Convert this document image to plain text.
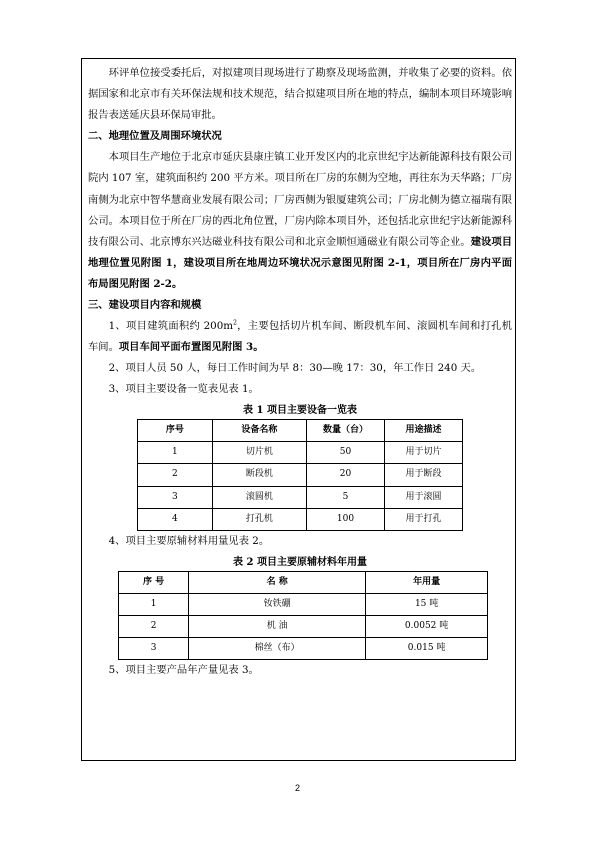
环评单位接受委托后，对拟建项目现场进行了勘察及现场监测，并收集了必要的资料。依据国家和北京市有关环保法规和技术规范，结合拟建项目所在地的特点，编制本项目环境影响报告表送延庆县环保局审批。

二、地理位置及周围环境状况

本项目生产地位于北京市延庆县康庄镇工业开发区内的北京世纪宇达新能源科技有限公司院内 107 室，建筑面积约 200 平方米。项目所在厂房的东侧为空地，再往东为天华路；厂房南侧为北京中智华慧商业发展有限公司；厂房西侧为银厦建筑公司；厂房北侧为德立福瑞有限公司。本项目位于所在厂房的西北角位置，厂房内除本项目外，还包括北京世纪宇达新能源科技有限公司、北京博东兴达磁业科技有限公司和北京金顺恒通磁业有限公司等企业。建设项目地理位置见附图 1，建设项目所在地周边环境状况示意图见附图 2-1，项目所在厂房内平面布局图见附图 2-2。

三、建设项目内容和规模

1、项目建筑面积约 $200m^2$，主要包括切片机车间、断段机车间、滚圆机车间和打孔机车间。项目车间平面布置图见附图 3。

2、项目人员 50 人，每日工作时间为早 8：30—晚 17：30，年工作日 240 天。

3、项目主要设备一览表见表 1。

表 1 项目主要设备一览表
序号	设备名称	数量（台）	用途描述
1	切片机	50	用于切片
2	断段机	20	用于断段
3	滚圆机	5	用于滚圆
4	打孔机	100	用于打孔

4、项目主要原辅材料用量见表 2。

表 2 项目主要原辅材料年用量
序 号	名 称	年用量
1	钕铁硼	15 吨
2	机 油	0.0052 吨
3	棉丝（布）	0.015 吨

5、项目主要产品年产量见表 3。

2
